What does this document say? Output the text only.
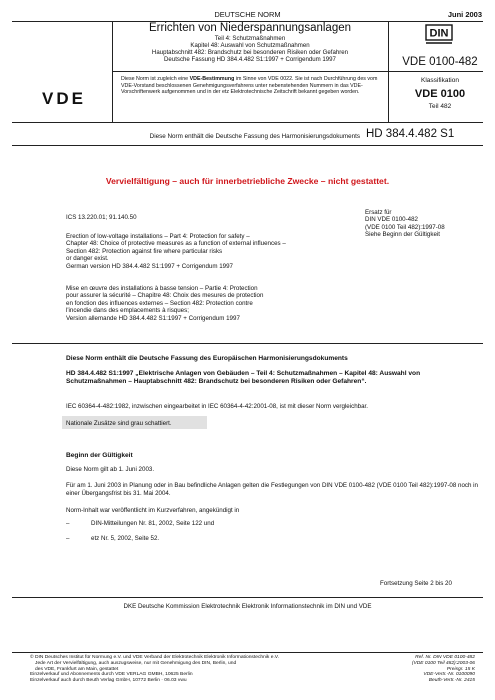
DEUTSCHE NORM	Juni 2003
Errichten von Niederspannungsanlagen
Teil 4: Schutzmaßnahmen
Kapitel 48: Auswahl von Schutzmaßnahmen
Hauptabschnitt 482: Brandschutz bei besonderen Risiken oder Gefahren
Deutsche Fassung HD 384.4.482 S1:1997 + Corrigendum 1997
DIN
VDE 0100-482
VDE
Diese Norm ist zugleich eine VDE-Bestimmung im Sinne von VDE 0022. Sie ist nach Durchführung des vom VDE-Vorstand beschlossenen Genehmigungsverfahrens unter nebenstehenden Nummern in das VDE-Vorschriftenwerk aufgenommen und in der etz Elektrotechnische Zeitschrift bekannt gegeben worden.
Klassifikation
VDE 0100
Teil 482
Diese Norm enthält die Deutsche Fassung des Harmonisierungsdokuments HD 384.4.482 S1
Vervielfältigung – auch für innerbetriebliche Zwecke – nicht gestattet.
ICS 13.220.01; 91.140.50
Ersatz für
DIN VDE 0100-482
(VDE 0100 Teil 482):1997-08
Siehe Beginn der Gültigkeit
Erection of low-voltage installations – Part 4: Protection for safety –
Chapter 48: Choice of protective measures as a function of external influences –
Section 482: Protection against fire where particular risks
or danger exist.
German version HD 384.4.482 S1:1997 + Corrigendum 1997
Mise en œuvre des installations à basse tension – Partie 4: Protection
pour assurer la sécurité – Chapitre 48: Choix des mesures de protection
en fonction des influences externes – Section 482: Protection contre
l'incendie dans des emplacements à risques;
Version allemande HD 384.4.482 S1:1997 + Corrigendum 1997
Diese Norm enthält die Deutsche Fassung des Europäischen Harmonisierungsdokuments
HD 384.4.482 S1:1997 „Elektrische Anlagen von Gebäuden – Teil 4: Schutzmaßnahmen – Kapitel 48: Auswahl von Schutzmaßnahmen – Hauptabschnitt 482: Brandschutz bei besonderen Risiken oder Gefahren“.
IEC 60364-4-482:1982, inzwischen eingearbeitet in IEC 60364-4-42:2001-08, ist mit dieser Norm vergleichbar.
Nationale Zusätze sind grau schattiert.
Beginn der Gültigkeit
Diese Norm gilt ab 1. Juni 2003.
Für am 1. Juni 2003 in Planung oder in Bau befindliche Anlagen gelten die Festlegungen von DIN VDE 0100-482 (VDE 0100 Teil 482):1997-08 noch in einer Übergangsfrist bis 31. Mai 2004.
Norm-Inhalt war veröffentlicht im Kurzverfahren, angekündigt in
–	DIN-Mitteilungen Nr. 81, 2002, Seite 122 und
–	etz Nr. 5, 2002, Seite 52.
Fortsetzung Seite 2 bis 20
DKE Deutsche Kommission Elektrotechnik Elektronik Informationstechnik im DIN und VDE
© DIN Deutsches Institut für Normung e.V. und VDE Verband der Elektrotechnik Elektronik Informationstechnik e.V.
Jede Art der Vervielfältigung, auch auszugsweise, nur mit Genehmigung des DIN, Berlin, und
des VDE, Frankfurt am Main, gestattet
Einzelverkauf und Abonnements durch VDE VERLAG GMBH, 10625 Berlin
Einzelverkauf auch durch Beuth Verlag GmbH, 10772 Berlin · 06.03 vwu
Ref. Nr. DIN VDE 0100-482
(VDE 0100 Teil 482):2003-06
Preisgr. 15 K
VDE-Vertr.-Nr. 0100090
Beuth-Vertr.-Nr. 2415
